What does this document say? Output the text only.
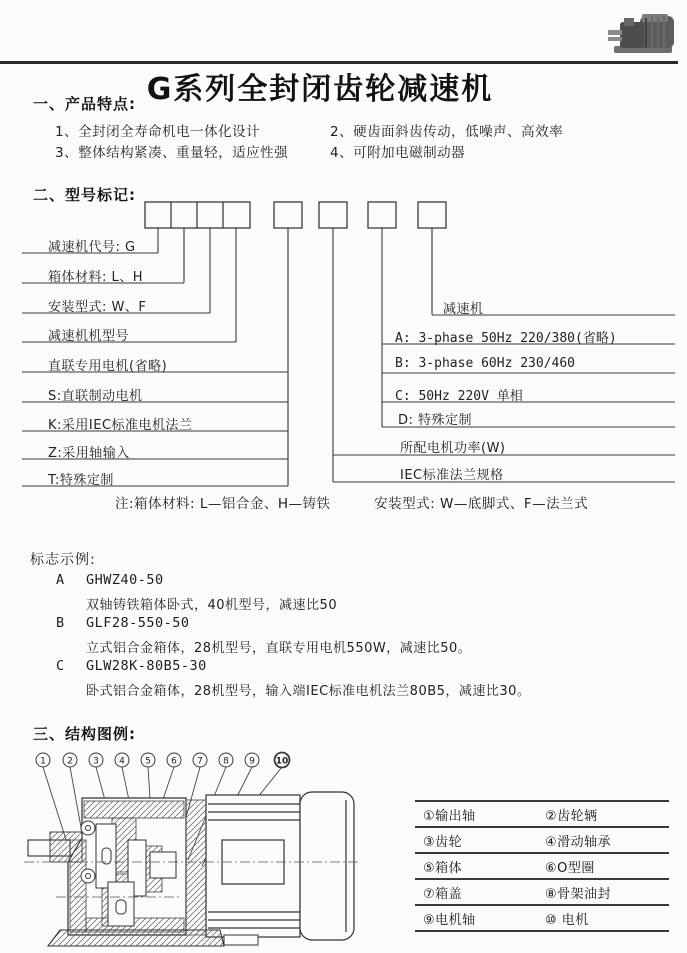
G系列全封闭齿轮减速机
一、产品特点:
1、全封闭全寿命机电一体化设计	2、硬齿面斜齿传动，低噪声、高效率
3、整体结构紧凑、重量轻，适应性强	4、可附加电磁制动器
二、型号标记:
减速机代号: G
箱体材料: L、H
安装型式: W、F
减速机机型号
直联专用电机(省略)
S:直联制动电机
K:采用IEC标准电机法兰
Z:采用轴输入
T:特殊定制
减速机
A: 3-phase 50Hz 220/380(省略)
B: 3-phase 60Hz 230/460
C: 50Hz 220V 单相
D: 特殊定制
所配电机功率(W)
IEC标准法兰规格
注:箱体材料: L—铝合金、H—铸铁	安装型式: W—底脚式、F—法兰式
标志示例:
A GHWZ40-50
双轴铸铁箱体卧式，40机型号，减速比50
B GLF28-550-50
立式铝合金箱体，28机型号，直联专用电机550W，减速比50。
C GLW28K-80B5-30
卧式铝合金箱体，28机型号，输入端IEC标准电机法兰80B5，减速比30。
三、结构图例:
1 2 3 4 5 6 7 8 9 10
①输出轴	②齿轮辆
③齿轮	④滑动轴承
⑤箱体	⑥O型圈
⑦箱盖	⑧骨架油封
⑨电机轴	⑩ 电机
